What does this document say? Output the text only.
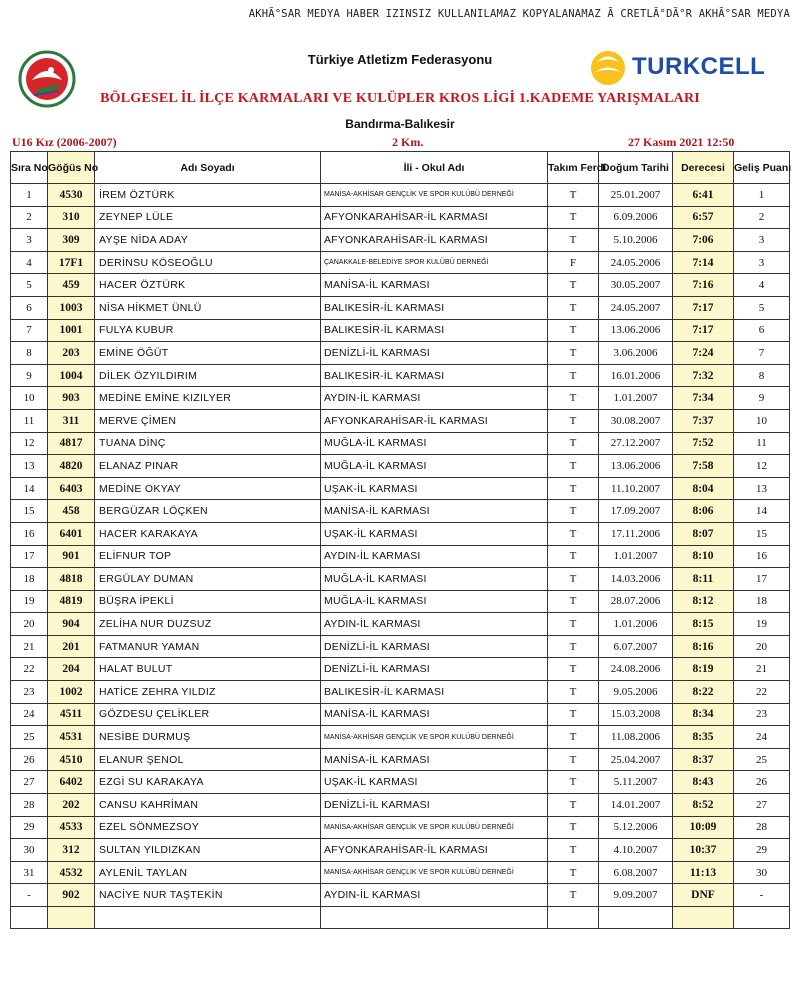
AKHÃ°SAR MEDYA HABER IZINSIZ KULLANILAMAZ KOPYALANAMAZ Ã CRETLÃ°DÃ°R AKHÃ°SAR MEDYA
Türkiye Atletizm Federasyonu	TURKCELL
BÖLGESEL İL İLÇE KARMALARI VE KULÜPLER KROS LİGİ 1.KADEME YARIŞMALARI
Bandırma-Balıkesir
U16 Kız (2006-2007)	2 Km.	27 Kasım 2021 12:50
Sıra No	Göğüs No	Adı Soyadı	İli - Okul Adı	Takım Ferdi	Doğum Tarihi	Derecesi	Geliş Puanı
1	4530	İREM ÖZTÜRK	MANİSA-AKHİSAR GENÇLİK VE SPOR KULÜBÜ DERNEĞİ	T	25.01.2007	6:41	1
2	310	ZEYNEP LÜLE	AFYONKARAHİSAR-İL KARMASI	T	6.09.2006	6:57	2
3	309	AYŞE NİDA ADAY	AFYONKARAHİSAR-İL KARMASI	T	5.10.2006	7:06	3
4	17F1	DERİNSU KÖSEOĞLU	ÇANAKKALE-BELEDİYE SPOR KULÜBÜ DERNEĞİ	F	24.05.2006	7:14	3
5	459	HACER ÖZTÜRK	MANİSA-İL KARMASI	T	30.05.2007	7:16	4
6	1003	NİSA HİKMET ÜNLÜ	BALIKESİR-İL KARMASI	T	24.05.2007	7:17	5
7	1001	FULYA KUBUR	BALIKESİR-İL KARMASI	T	13.06.2006	7:17	6
8	203	EMİNE ÖĞÜT	DENİZLİ-İL KARMASI	T	3.06.2006	7:24	7
9	1004	DİLEK ÖZYILDIRIM	BALIKESİR-İL KARMASI	T	16.01.2006	7:32	8
10	903	MEDİNE EMİNE KIZILYER	AYDIN-İL KARMASI	T	1.01.2007	7:34	9
11	311	MERVE ÇİMEN	AFYONKARAHİSAR-İL KARMASI	T	30.08.2007	7:37	10
12	4817	TUANA DİNÇ	MUĞLA-İL KARMASI	T	27.12.2007	7:52	11
13	4820	ELANAZ PINAR	MUĞLA-İL KARMASI	T	13.06.2006	7:58	12
14	6403	MEDİNE OKYAY	UŞAK-İL KARMASI	T	11.10.2007	8:04	13
15	458	BERGÜZAR LÖÇKEN	MANİSA-İL KARMASI	T	17.09.2007	8:06	14
16	6401	HACER KARAKAYA	UŞAK-İL KARMASI	T	17.11.2006	8:07	15
17	901	ELİFNUR TOP	AYDIN-İL KARMASI	T	1.01.2007	8:10	16
18	4818	ERGÜLAY DUMAN	MUĞLA-İL KARMASI	T	14.03.2006	8:11	17
19	4819	BÜŞRA İPEKLİ	MUĞLA-İL KARMASI	T	28.07.2006	8:12	18
20	904	ZELİHA NUR DUZSUZ	AYDIN-İL KARMASI	T	1.01.2006	8:15	19
21	201	FATMANUR YAMAN	DENİZLİ-İL KARMASI	T	6.07.2007	8:16	20
22	204	HALAT BULUT	DENİZLİ-İL KARMASI	T	24.08.2006	8:19	21
23	1002	HATİCE ZEHRA YILDIZ	BALIKESİR-İL KARMASI	T	9.05.2006	8:22	22
24	4511	GÖZDESU ÇELİKLER	MANİSA-İL KARMASI	T	15.03.2008	8:34	23
25	4531	NESİBE DURMUŞ	MANİSA-AKHİSAR GENÇLİK VE SPOR KULÜBÜ DERNEĞİ	T	11.08.2006	8:35	24
26	4510	ELANUR ŞENOL	MANİSA-İL KARMASI	T	25.04.2007	8:37	25
27	6402	EZGİ SU KARAKAYA	UŞAK-İL KARMASI	T	5.11.2007	8:43	26
28	202	CANSU KAHRİMAN	DENİZLİ-İL KARMASI	T	14.01.2007	8:52	27
29	4533	EZEL SÖNMEZSOY	MANİSA-AKHİSAR GENÇLİK VE SPOR KULÜBÜ DERNEĞİ	T	5.12.2006	10:09	28
30	312	SULTAN YILDIZKAN	AFYONKARAHİSAR-İL KARMASI	T	4.10.2007	10:37	29
31	4532	AYLENİL TAYLAN	MANİSA-AKHİSAR GENÇLİK VE SPOR KULÜBÜ DERNEĞİ	T	6.08.2007	11:13	30
-	902	NACİYE NUR TAŞTEKİN	AYDIN-İL KARMASI	T	9.09.2007	DNF	-
